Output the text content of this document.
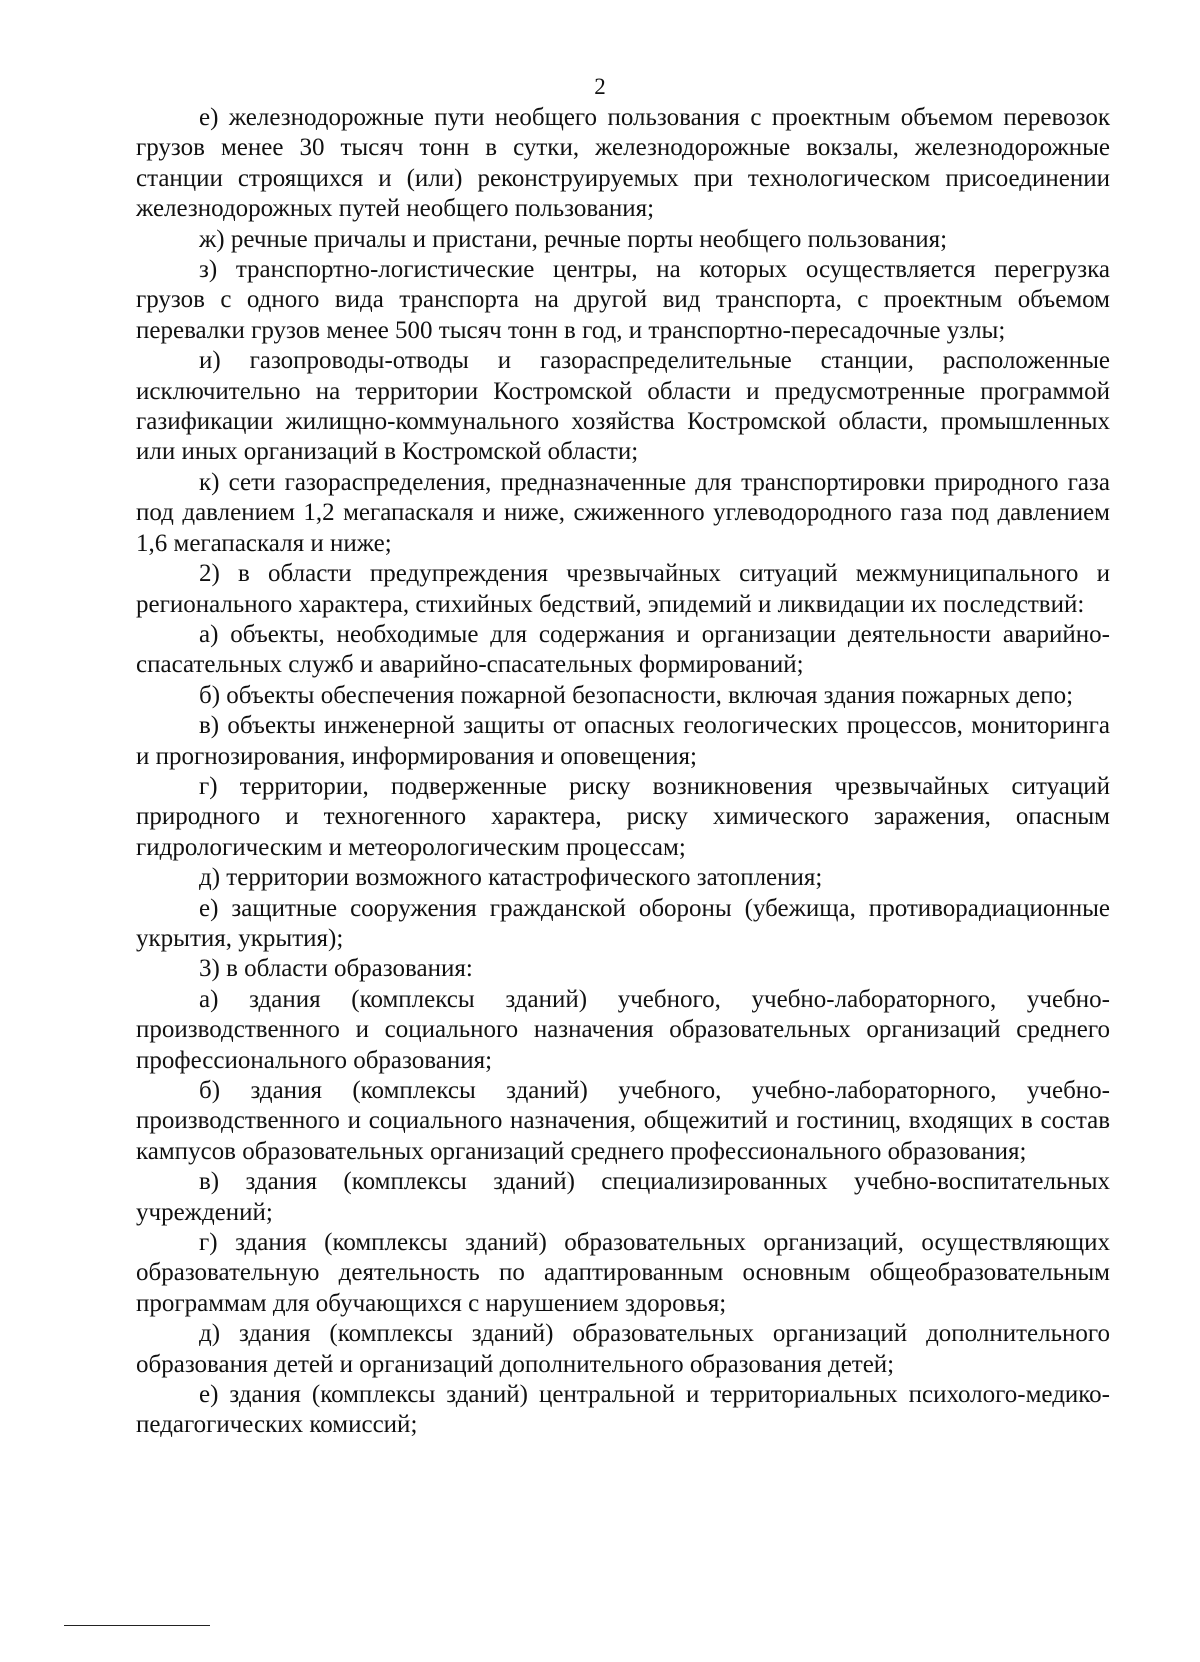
2

е) железнодорожные пути необщего пользования с проектным объемом перевозок грузов менее 30 тысяч тонн в сутки, железнодорожные вокзалы, железнодорожные станции строящихся и (или) реконструируемых при технологическом присоединении железнодорожных путей необщего пользования;

ж) речные причалы и пристани, речные порты необщего пользования;

з) транспортно-логистические центры, на которых осуществляется перегрузка грузов с одного вида транспорта на другой вид транспорта, с проектным объемом перевалки грузов менее 500 тысяч тонн в год, и транспортно-пересадочные узлы;

и) газопроводы-отводы и газораспределительные станции, расположенные исключительно на территории Костромской области и предусмотренные программой газификации жилищно-коммунального хозяйства Костромской области, промышленных или иных организаций в Костромской области;

к) сети газораспределения, предназначенные для транспортировки природного газа под давлением 1,2 мегапаскаля и ниже, сжиженного углеводородного газа под давлением 1,6 мегапаскаля и ниже;

2) в области предупреждения чрезвычайных ситуаций межмуниципального и регионального характера, стихийных бедствий, эпидемий и ликвидации их последствий:

а) объекты, необходимые для содержания и организации деятельности аварийно-спасательных служб и аварийно-спасательных формирований;

б) объекты обеспечения пожарной безопасности, включая здания пожарных депо;

в) объекты инженерной защиты от опасных геологических процессов, мониторинга и прогнозирования, информирования и оповещения;

г) территории, подверженные риску возникновения чрезвычайных ситуаций природного и техногенного характера, риску химического заражения, опасным гидрологическим и метеорологическим процессам;

д) территории возможного катастрофического затопления;

е) защитные сооружения гражданской обороны (убежища, противорадиационные укрытия, укрытия);

3) в области образования:

а) здания (комплексы зданий) учебного, учебно-лабораторного, учебно-производственного и социального назначения образовательных организаций среднего профессионального образования;

б) здания (комплексы зданий) учебного, учебно-лабораторного, учебно-производственного и социального назначения, общежитий и гостиниц, входящих в состав кампусов образовательных организаций среднего профессионального образования;

в) здания (комплексы зданий) специализированных учебно-воспитательных учреждений;

г) здания (комплексы зданий) образовательных организаций, осуществляющих образовательную деятельность по адаптированным основным общеобразовательным программам для обучающихся с нарушением здоровья;

д) здания (комплексы зданий) образовательных организаций дополнительного образования детей и организаций дополнительного образования детей;

е) здания (комплексы зданий) центральной и территориальных психолого-медико-педагогических комиссий;
